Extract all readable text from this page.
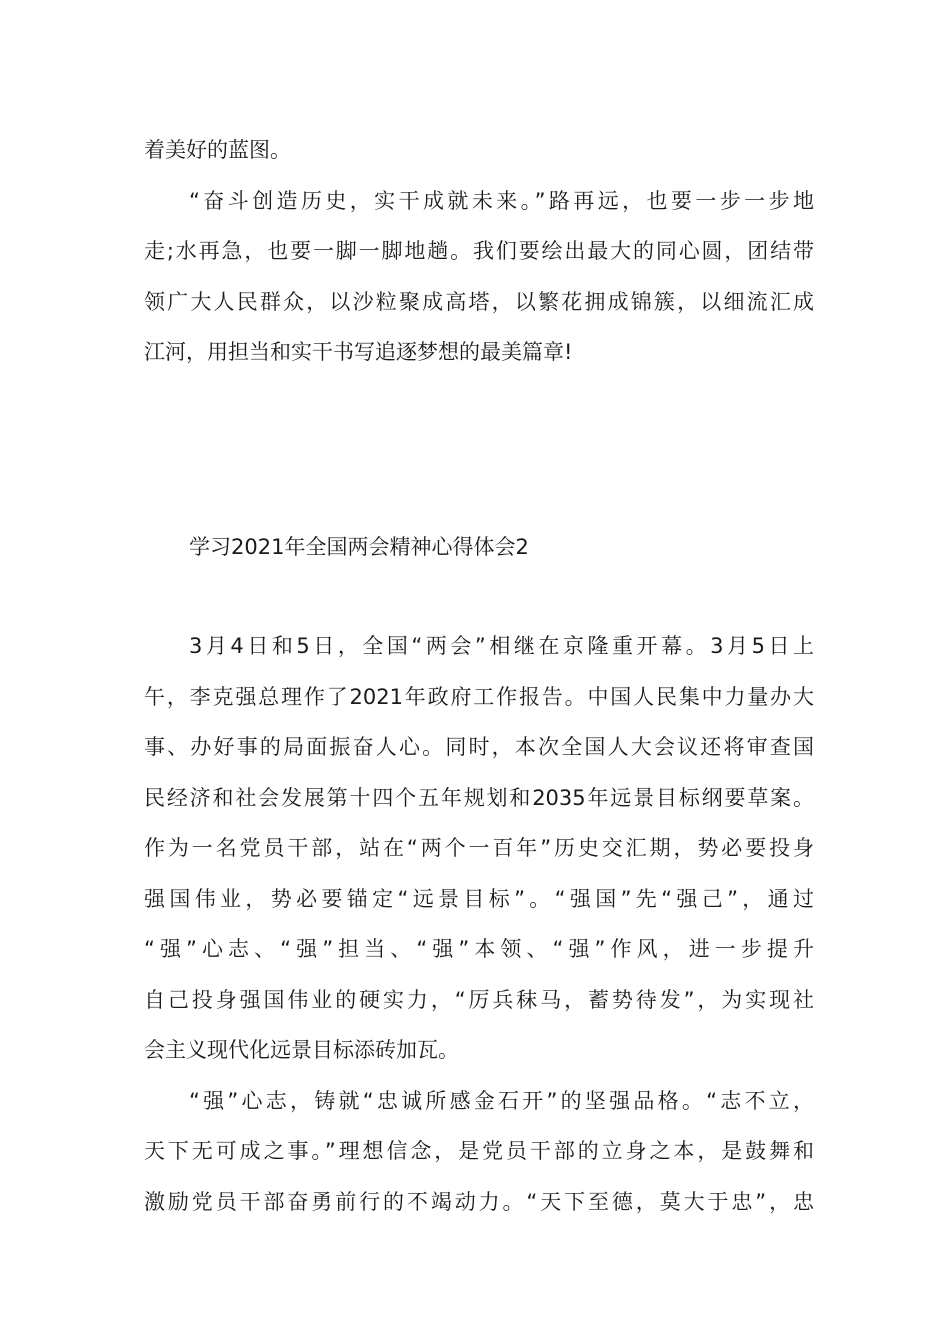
着美好的蓝图。
“奋斗创造历史，实干成就未来。”路再远，也要一步一步地
走;水再急，也要一脚一脚地趟。我们要绘出最大的同心圆，团结带
领广大人民群众，以沙粒聚成高塔，以繁花拥成锦簇，以细流汇成
江河，用担当和实干书写追逐梦想的最美篇章!
学习2021年全国两会精神心得体会2
3月4日和5日，全国“两会”相继在京隆重开幕。3月5日上
午，李克强总理作了2021年政府工作报告。中国人民集中力量办大
事、办好事的局面振奋人心。同时，本次全国人大会议还将审查国
民经济和社会发展第十四个五年规划和2035年远景目标纲要草案。
作为一名党员干部，站在“两个一百年”历史交汇期，势必要投身
强国伟业，势必要锚定“远景目标”。“强国”先“强己”，通过
“强”心志、“强”担当、“强”本领、“强”作风，进一步提升
自己投身强国伟业的硬实力，“厉兵秣马，蓄势待发”，为实现社
会主义现代化远景目标添砖加瓦。
“强”心志，铸就“忠诚所感金石开”的坚强品格。“志不立，
天下无可成之事。”理想信念，是党员干部的立身之本，是鼓舞和
激励党员干部奋勇前行的不竭动力。“天下至德，莫大于忠”，忠
